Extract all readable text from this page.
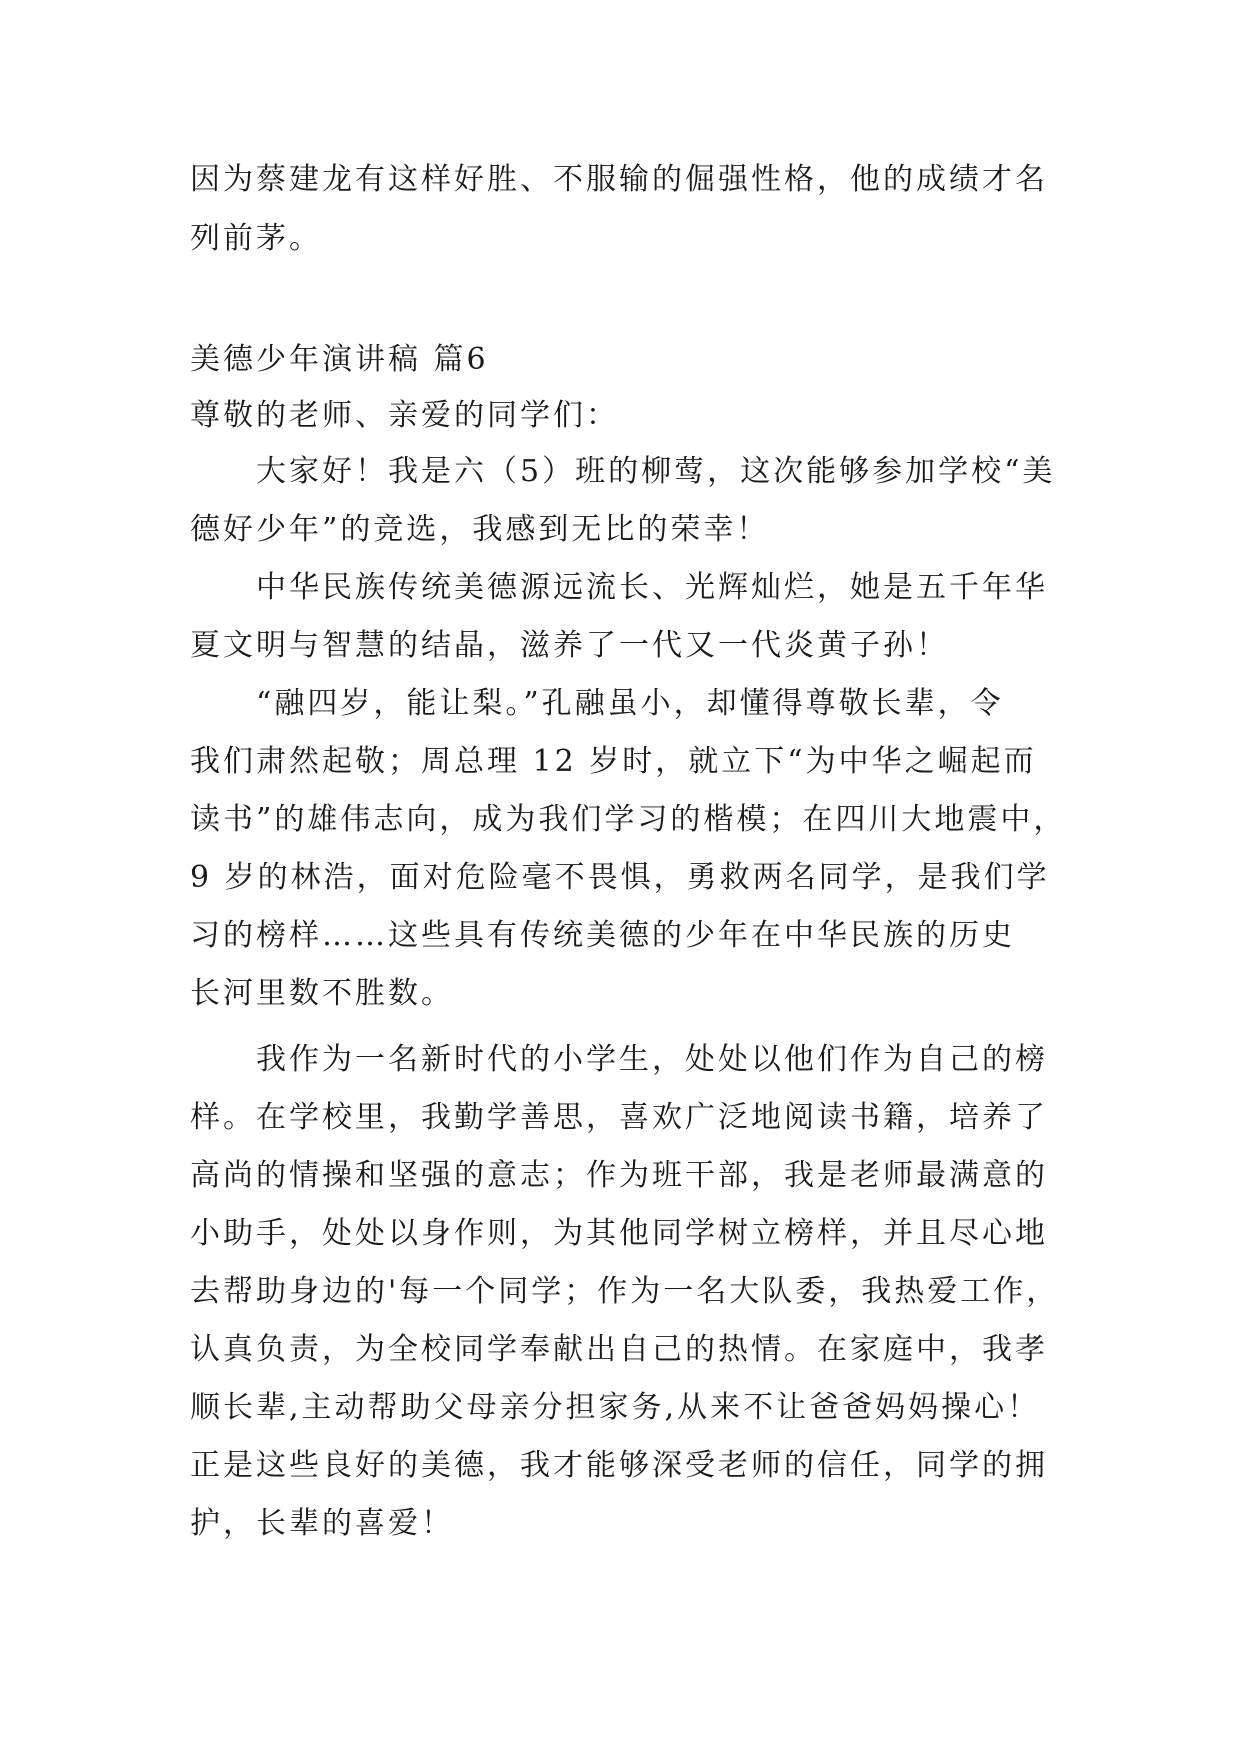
因为蔡建龙有这样好胜、不服输的倔强性格，他的成绩才名
列前茅。
美德少年演讲稿 篇6
尊敬的老师、亲爱的同学们：
大家好！我是六（5）班的柳莺，这次能够参加学校“美
德好少年”的竞选，我感到无比的荣幸！
中华民族传统美德源远流长、光辉灿烂，她是五千年华
夏文明与智慧的结晶，滋养了一代又一代炎黄子孙！
“融四岁，能让梨。”孔融虽小，却懂得尊敬长辈，令
我们肃然起敬；周总理 12 岁时，就立下“为中华之崛起而
读书”的雄伟志向，成为我们学习的楷模；在四川大地震中，
9 岁的林浩，面对危险毫不畏惧，勇救两名同学，是我们学
习的榜样……这些具有传统美德的少年在中华民族的历史
长河里数不胜数。
我作为一名新时代的小学生，处处以他们作为自己的榜
样。在学校里，我勤学善思，喜欢广泛地阅读书籍，培养了
高尚的情操和坚强的意志；作为班干部，我是老师最满意的
小助手，处处以身作则，为其他同学树立榜样，并且尽心地
去帮助身边的'每一个同学；作为一名大队委，我热爱工作，
认真负责，为全校同学奉献出自己的热情。在家庭中，我孝
顺长辈,主动帮助父母亲分担家务,从来不让爸爸妈妈操心！
正是这些良好的美德，我才能够深受老师的信任，同学的拥
护，长辈的喜爱！
